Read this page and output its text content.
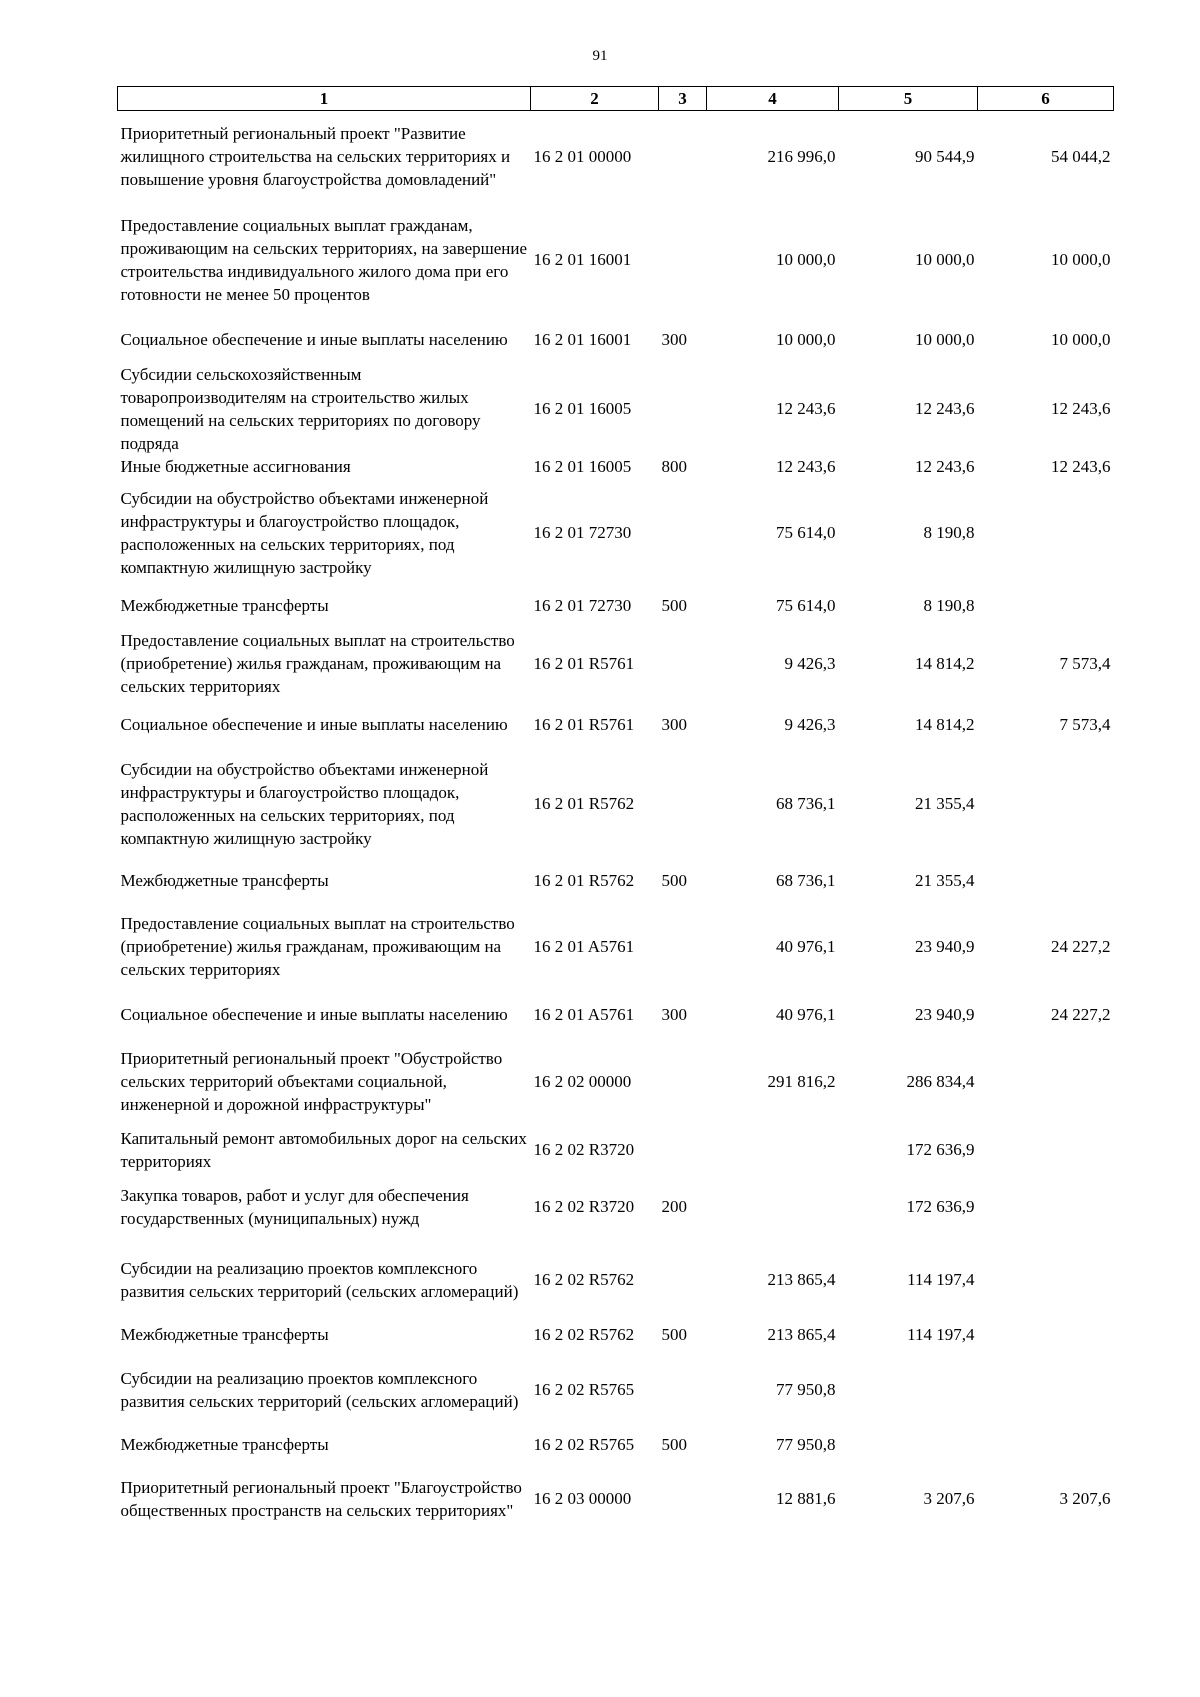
91
1	2	3	4	5	6
Приоритетный региональный проект "Развитие жилищного строительства на сельских территориях и повышение уровня благоустройства домовладений"	16 2 01 00000		216 996,0	90 544,9	54 044,2
Предоставление социальных выплат гражданам, проживающим на сельских территориях, на завершение строительства индивидуального жилого дома при его готовности не менее 50 процентов	16 2 01 16001		10 000,0	10 000,0	10 000,0
Социальное обеспечение и иные выплаты населению	16 2 01 16001	300	10 000,0	10 000,0	10 000,0
Субсидии сельскохозяйственным товаропроизводителям на строительство жилых помещений на сельских территориях по договору подряда	16 2 01 16005		12 243,6	12 243,6	12 243,6
Иные бюджетные ассигнования	16 2 01 16005	800	12 243,6	12 243,6	12 243,6
Субсидии на обустройство объектами инженерной инфраструктуры и благоустройство площадок, расположенных на сельских территориях, под компактную жилищную застройку	16 2 01 72730		75 614,0	8 190,8	
Межбюджетные трансферты	16 2 01 72730	500	75 614,0	8 190,8	
Предоставление социальных выплат на строительство (приобретение) жилья гражданам, проживающим на сельских территориях	16 2 01 R5761		9 426,3	14 814,2	7 573,4
Социальное обеспечение и иные выплаты населению	16 2 01 R5761	300	9 426,3	14 814,2	7 573,4
Субсидии на обустройство объектами инженерной инфраструктуры и благоустройство площадок, расположенных на сельских территориях, под компактную жилищную застройку	16 2 01 R5762		68 736,1	21 355,4	
Межбюджетные трансферты	16 2 01 R5762	500	68 736,1	21 355,4	
Предоставление социальных выплат на строительство (приобретение) жилья гражданам, проживающим на сельских территориях	16 2 01 A5761		40 976,1	23 940,9	24 227,2
Социальное обеспечение и иные выплаты населению	16 2 01 A5761	300	40 976,1	23 940,9	24 227,2
Приоритетный региональный проект "Обустройство сельских территорий объектами социальной, инженерной и дорожной инфраструктуры"	16 2 02 00000		291 816,2	286 834,4	
Капитальный ремонт автомобильных дорог на сельских территориях	16 2 02 R3720			172 636,9	
Закупка товаров, работ и услуг для обеспечения государственных (муниципальных) нужд	16 2 02 R3720	200		172 636,9	
Субсидии на реализацию проектов комплексного развития сельских территорий (сельских агломераций)	16 2 02 R5762		213 865,4	114 197,4	
Межбюджетные трансферты	16 2 02 R5762	500	213 865,4	114 197,4	
Субсидии на реализацию проектов комплексного развития сельских территорий (сельских агломераций)	16 2 02 R5765		77 950,8		
Межбюджетные трансферты	16 2 02 R5765	500	77 950,8		
Приоритетный региональный проект "Благоустройство общественных пространств на сельских территориях"	16 2 03 00000		12 881,6	3 207,6	3 207,6
